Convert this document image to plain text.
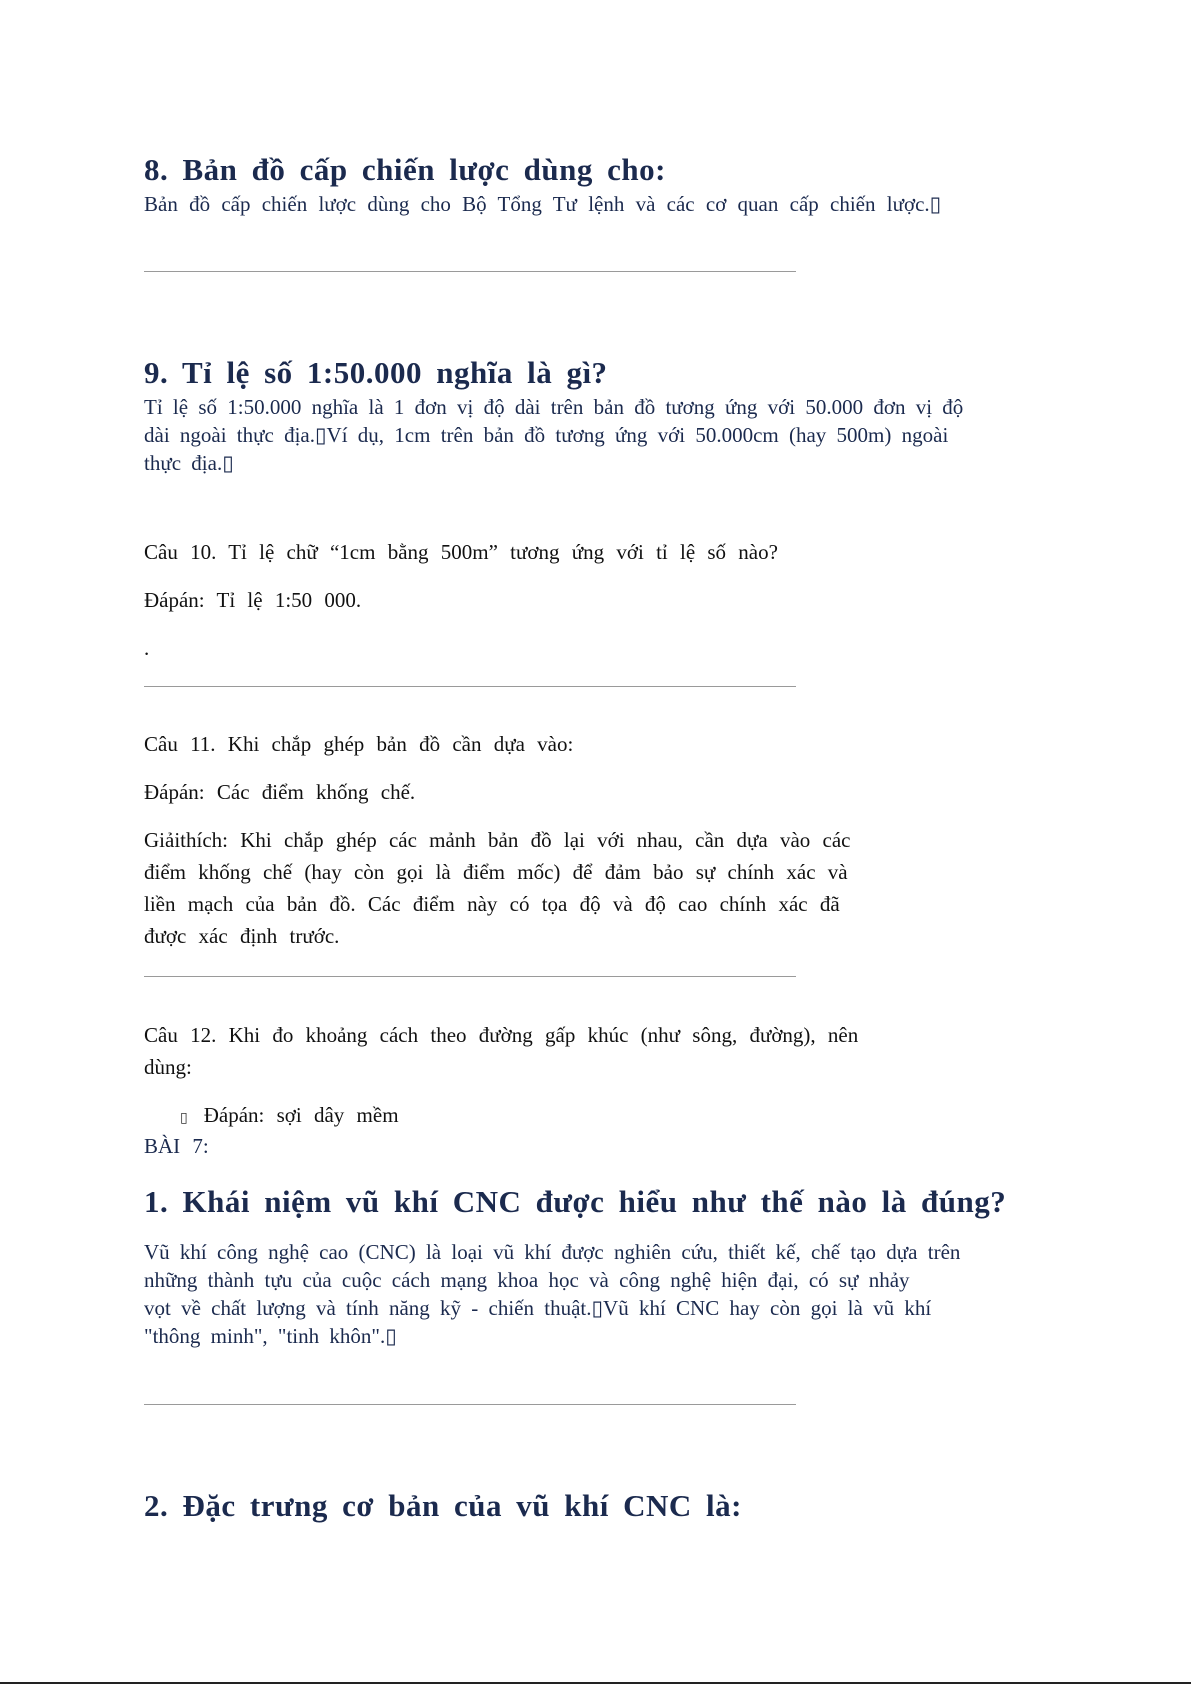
8. Bản đồ cấp chiến lược dùng cho:

Bản đồ cấp chiến lược dùng cho Bộ Tổng Tư lệnh và các cơ quan cấp chiến lược.▯

9. Tỉ lệ số 1:50.000 nghĩa là gì?

Tỉ lệ số 1:50.000 nghĩa là 1 đơn vị độ dài trên bản đồ tương ứng với 50.000 đơn vị độ
dài ngoài thực địa.▯Ví dụ, 1cm trên bản đồ tương ứng với 50.000cm (hay 500m) ngoài
thực địa.▯

Câu 10. Tỉ lệ chữ “1cm bằng 500m” tương ứng với tỉ lệ số nào?

Đápán: Tỉ lệ 1:50 000.

.

Câu 11. Khi chắp ghép bản đồ cần dựa vào:

Đápán: Các điểm khống chế.

Giảithích: Khi chắp ghép các mảnh bản đồ lại với nhau, cần dựa vào các
điểm khống chế (hay còn gọi là điểm mốc) để đảm bảo sự chính xác và
liền mạch của bản đồ. Các điểm này có tọa độ và độ cao chính xác đã
được xác định trước.

Câu 12. Khi đo khoảng cách theo đường gấp khúc (như sông, đường), nên
dùng:

▯ Đápán: sợi dây mềm

BÀI 7:

1. Khái niệm vũ khí CNC được hiểu như thế nào là đúng?

Vũ khí công nghệ cao (CNC) là loại vũ khí được nghiên cứu, thiết kế, chế tạo dựa trên
những thành tựu của cuộc cách mạng khoa học và công nghệ hiện đại, có sự nhảy
vọt về chất lượng và tính năng kỹ - chiến thuật.▯Vũ khí CNC hay còn gọi là vũ khí
"thông minh", "tinh khôn".▯

2. Đặc trưng cơ bản của vũ khí CNC là:
